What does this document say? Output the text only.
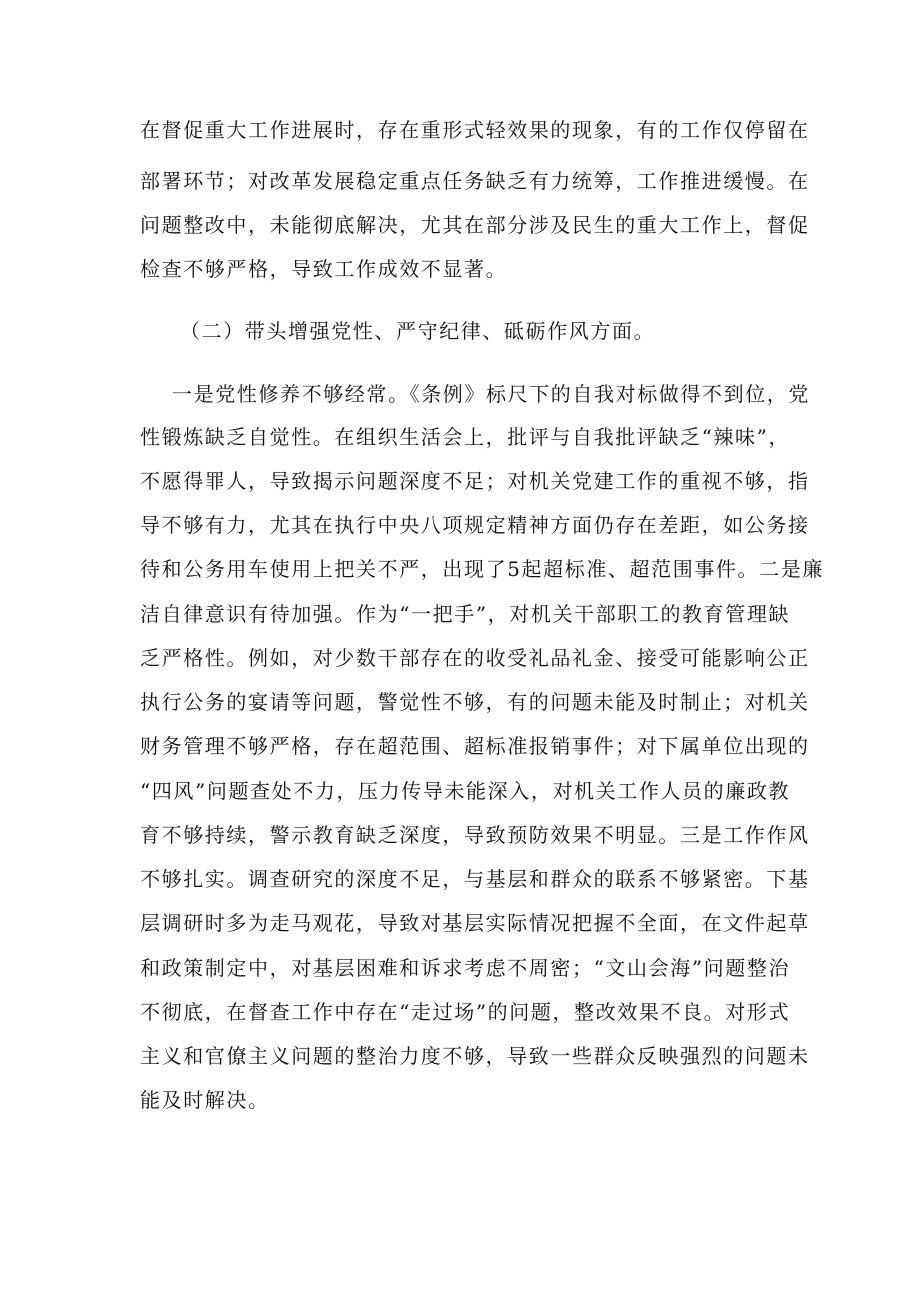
在督促重大工作进展时，存在重形式轻效果的现象，有的工作仅停留在
部署环节；对改革发展稳定重点任务缺乏有力统筹，工作推进缓慢。在
问题整改中，未能彻底解决，尤其在部分涉及民生的重大工作上，督促
检查不够严格，导致工作成效不显著。
（二）带头增强党性、严守纪律、砥砺作风方面。
一是党性修养不够经常。《条例》标尺下的自我对标做得不到位，党
性锻炼缺乏自觉性。在组织生活会上，批评与自我批评缺乏“辣味”，
不愿得罪人，导致揭示问题深度不足；对机关党建工作的重视不够，指
导不够有力，尤其在执行中央八项规定精神方面仍存在差距，如公务接
待和公务用车使用上把关不严，出现了5起超标准、超范围事件。二是廉
洁自律意识有待加强。作为“一把手”，对机关干部职工的教育管理缺
乏严格性。例如，对少数干部存在的收受礼品礼金、接受可能影响公正
执行公务的宴请等问题，警觉性不够，有的问题未能及时制止；对机关
财务管理不够严格，存在超范围、超标准报销事件；对下属单位出现的
“四风”问题查处不力，压力传导未能深入，对机关工作人员的廉政教
育不够持续，警示教育缺乏深度，导致预防效果不明显。三是工作作风
不够扎实。调查研究的深度不足，与基层和群众的联系不够紧密。下基
层调研时多为走马观花，导致对基层实际情况把握不全面，在文件起草
和政策制定中，对基层困难和诉求考虑不周密；“文山会海”问题整治
不彻底，在督查工作中存在“走过场”的问题，整改效果不良。对形式
主义和官僚主义问题的整治力度不够，导致一些群众反映强烈的问题未
能及时解决。
